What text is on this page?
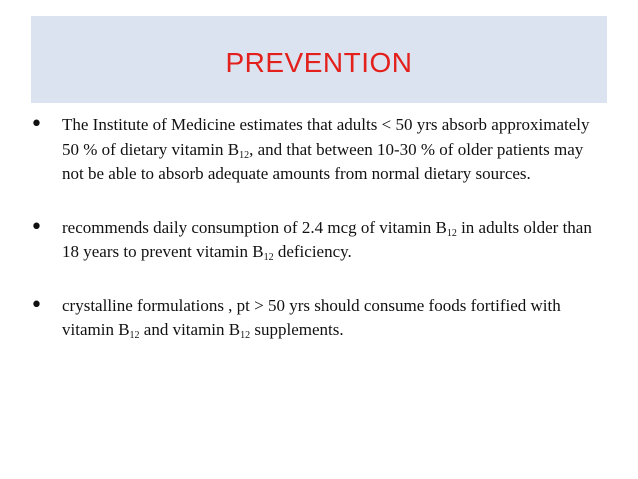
PREVENTION
• The Institute of Medicine estimates that adults < 50 yrs absorb approximately 50 % of dietary vitamin $B_{12}$, and that between 10-30 % of older patients may not be able to absorb adequate amounts from normal dietary sources.
• recommends daily consumption of 2.4 mcg of vitamin $B_{12}$ in adults older than 18 years to prevent vitamin $B_{12}$ deficiency.
• crystalline formulations , pt > 50 yrs should consume foods fortified with vitamin $B_{12}$ and vitamin $B_{12}$ supplements.
